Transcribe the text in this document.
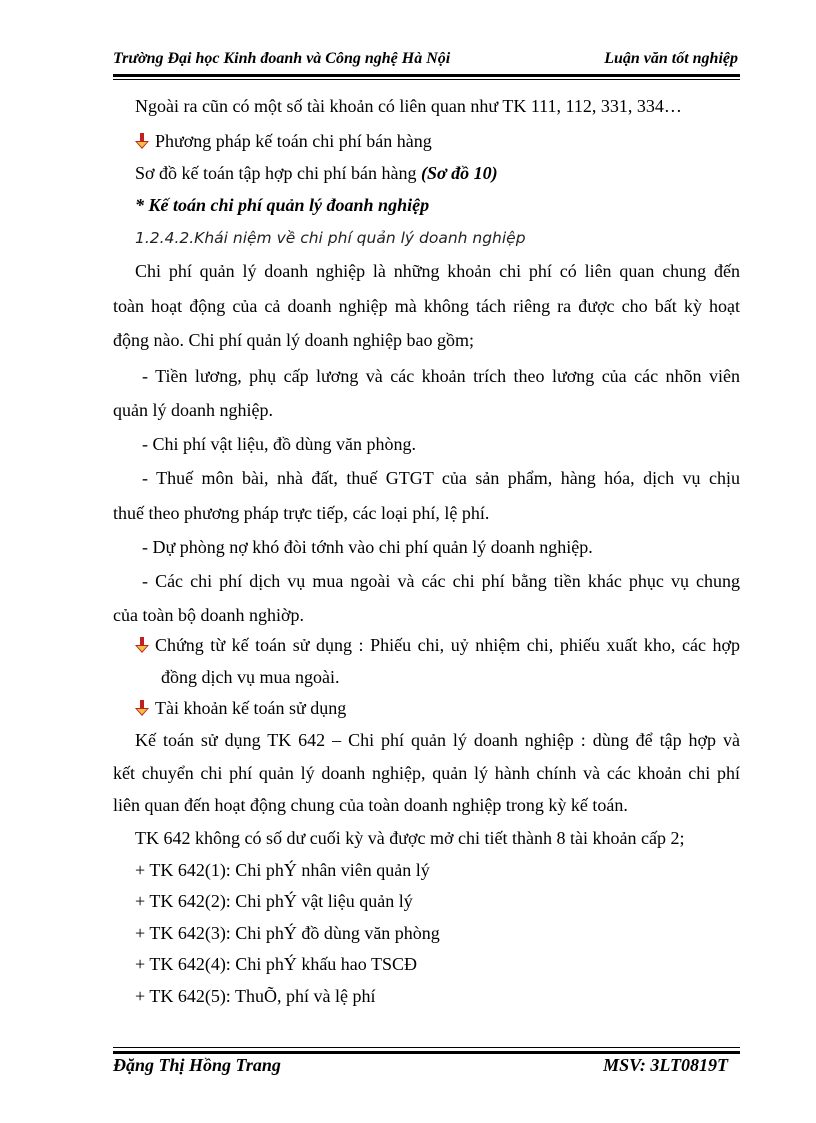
Trường Đại học Kinh đoanh và Công nghệ Hà Nội	Luận văn tốt nghiệp
Ngoài ra cũn có một số tài khoản có liên quan như TK 111, 112, 331, 334…
Phương pháp kế toán chi phí bán hàng
Sơ đồ kế toán tập hợp chi phí bán hàng (Sơ đồ 10)
* Kế toán chi phí quản lý đoanh nghiệp
1.2.4.2.Khái niệm về chi phí quản lý doanh nghiệp
Chi phí quản lý doanh nghiệp là những khoản chi phí có liên quan chung đến
toàn hoạt động của cả doanh nghiệp mà không tách riêng ra được cho bất kỳ hoạt
động nào. Chi phí quản lý doanh nghiệp bao gồm;
- Tiền lương, phụ cấp lương và các khoản trích theo lương của các nhõn viên
quản lý doanh nghiệp.
- Chi phí vật liệu, đồ dùng văn phòng.
- Thuế môn bài, nhà đất, thuế GTGT của sản phẩm, hàng hóa, dịch vụ chịu
thuế theo phương pháp trực tiếp, các loại phí, lệ phí.
- Dự phòng nợ khó đòi tớnh vào chi phí quản lý doanh nghiệp.
- Các chi phí dịch vụ mua ngoài và các chi phí bằng tiền khác phục vụ chung
của toàn bộ doanh nghiờp.
Chứng từ kế toán sử dụng : Phiếu chi, uỷ nhiệm chi, phiếu xuất kho, các hợp
đồng dịch vụ mua ngoài.
Tài khoản kế toán sử dụng
Kế toán sử dụng TK 642 – Chi phí quản lý doanh nghiệp : dùng để tập hợp và
kết chuyển chi phí quản lý doanh nghiệp, quản lý hành chính và các khoản chi phí
liên quan đến hoạt động chung của toàn doanh nghiệp trong kỳ kế toán.
TK 642 không có số dư cuối kỳ và được mở chi tiết thành 8 tài khoản cấp 2;
+ TK 642(1): Chi phÝ nhân viên quản lý
+ TK 642(2): Chi phÝ vật liệu quản lý
+ TK 642(3): Chi phÝ đồ dùng văn phòng
+ TK 642(4): Chi phÝ khấu hao TSCĐ
+ TK 642(5): ThuÕ, phí và lệ phí
Đặng Thị Hồng Trang	MSV: 3LT0819T
